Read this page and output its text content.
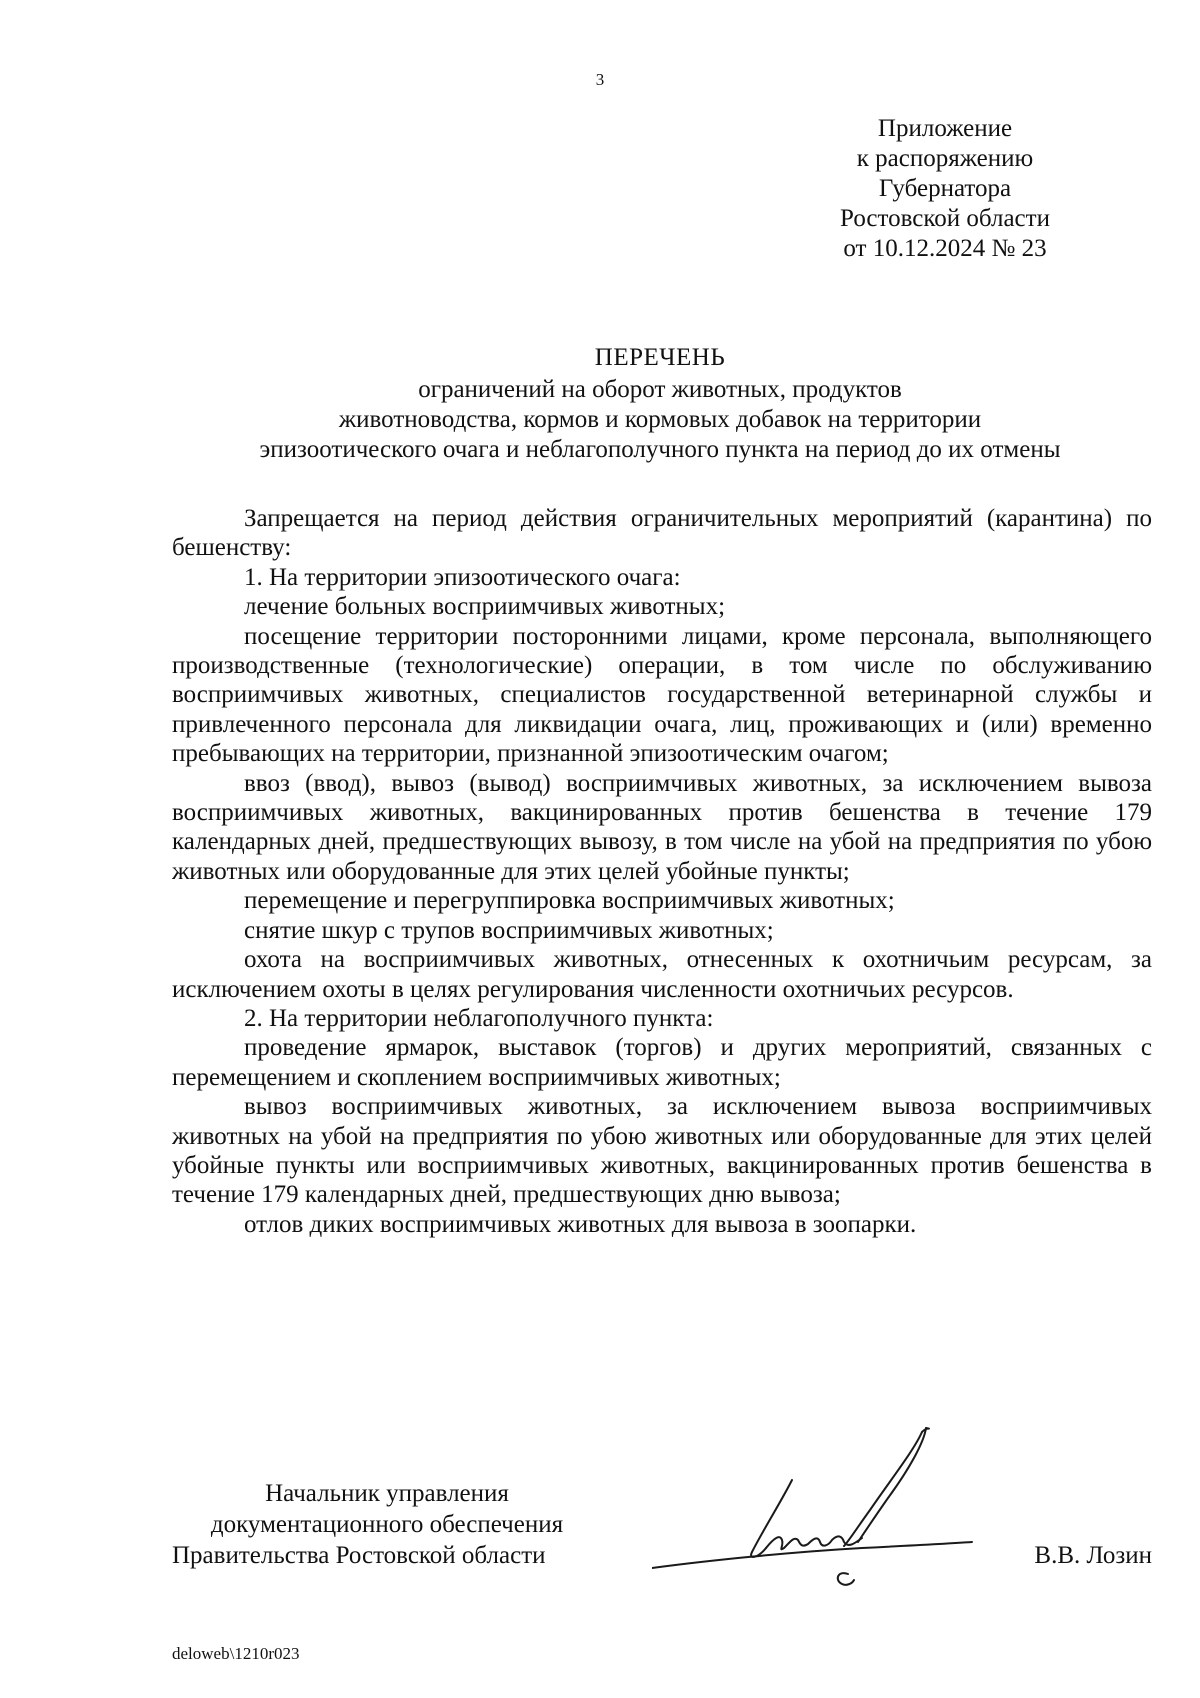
3
Приложение
к распоряжению
Губернатора
Ростовской области
от 10.12.2024 № 23
ПЕРЕЧЕНЬ
ограничений на оборот животных, продуктов
животноводства, кормов и кормовых добавок на территории
эпизоотического очага и неблагополучного пункта на период до их отмены

Запрещается на период действия ограничительных мероприятий (карантина) по бешенству:

1. На территории эпизоотического очага:

лечение больных восприимчивых животных;

посещение территории посторонними лицами, кроме персонала, выполняющего производственные (технологические) операции, в том числе по обслуживанию восприимчивых животных, специалистов государственной ветеринарной службы и привлеченного персонала для ликвидации очага, лиц, проживающих и (или) временно пребывающих на территории, признанной эпизоотическим очагом;

ввоз (ввод), вывоз (вывод) восприимчивых животных, за исключением вывоза восприимчивых животных, вакцинированных против бешенства в течение 179 календарных дней, предшествующих вывозу, в том числе на убой на предприятия по убою животных или оборудованные для этих целей убойные пункты;

перемещение и перегруппировка восприимчивых животных;

снятие шкур с трупов восприимчивых животных;

охота на восприимчивых животных, отнесенных к охотничьим ресурсам, за исключением охоты в целях регулирования численности охотничьих ресурсов.

2. На территории неблагополучного пункта:

проведение ярмарок, выставок (торгов) и других мероприятий, связанных с перемещением и скоплением восприимчивых животных;

вывоз восприимчивых животных, за исключением вывоза восприимчивых животных на убой на предприятия по убою животных или оборудованные для этих целей убойные пункты или восприимчивых животных, вакцинированных против бешенства в течение 179 календарных дней, предшествующих дню вывоза;

отлов диких восприимчивых животных для вывоза в зоопарки.

Начальник управления
документационного обеспечения
Правительства Ростовской области	В.В. Лозин
deloweb\1210r023
